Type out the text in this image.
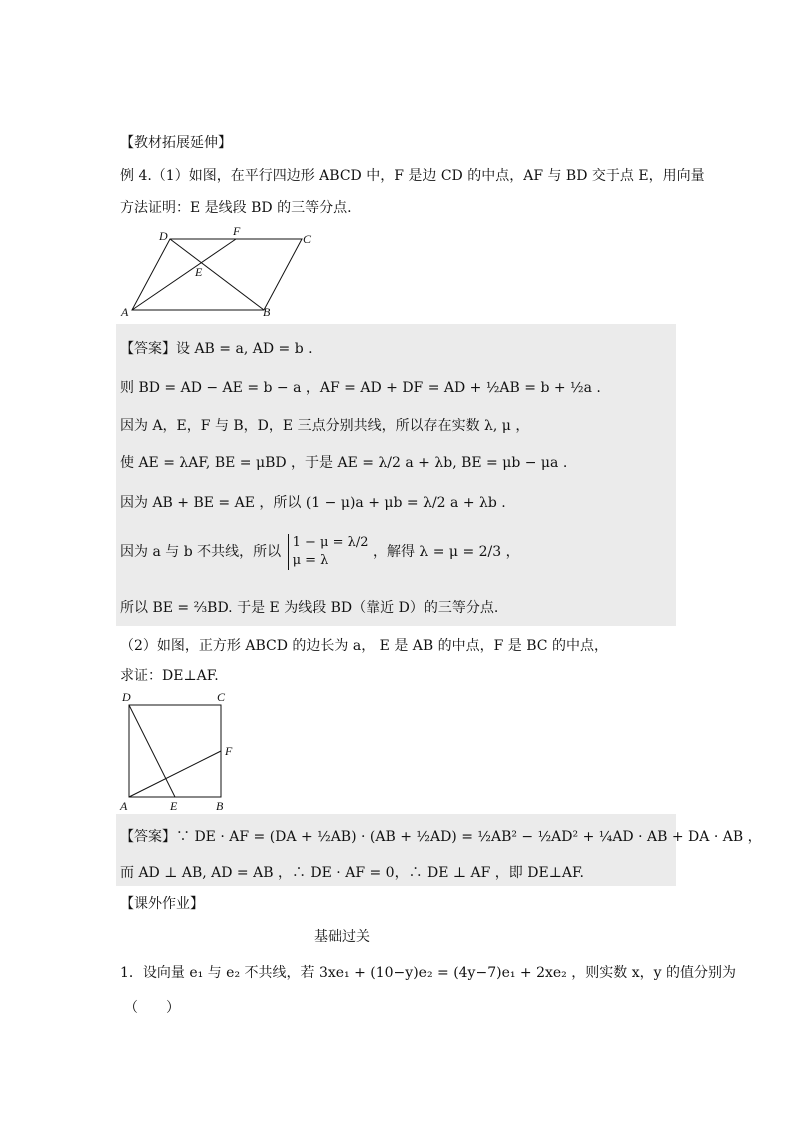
【教材拓展延伸】
例 4.（1）如图，在平行四边形 ABCD 中，F 是边 CD 的中点，AF 与 BD 交于点 E，用向量
方法证明：E 是线段 BD 的三等分点.
D	F
C
E
A	B
【答案】设 AB = a, AD = b .
则 BD = AD − AE = b − a ，AF = AD + DF = AD + ½AB = b + ½a .
因为 A，E，F 与 B，D，E 三点分别共线，所以存在实数 λ, μ ，
使 AE = λAF, BE = μBD ，于是 AE = λ/2 a + λb, BE = μb − μa .
因为 AB + BE = AE ，所以 (1 − μ)a + μb = λ/2 a + λb .
因为 a 与 b 不共线，所以 1 − μ = λ/2
μ = λ ，解得 λ = μ = 2/3 ，
所以 BE = ⅔BD. 于是 E 为线段 BD（靠近 D）的三等分点.
（2）如图，正方形 ABCD 的边长为 a， E 是 AB 的中点，F 是 BC 的中点，
求证：DE⊥AF.
D	C
F
A	E	B
【答案】∵ DE · AF = (DA + ½AB) · (AB + ½AD) = ½AB² − ½AD² + ¼AD · AB + DA · AB ，
而 AD ⊥ AB, AD = AB ，∴ DE · AF = 0，∴ DE ⊥ AF ，即 DE⊥AF.
【课外作业】
基础过关
1．设向量 e₁ 与 e₂ 不共线，若 3xe₁ + (10−y)e₂ = (4y−7)e₁ + 2xe₂ ，则实数 x，y 的值分别为
（　　）
